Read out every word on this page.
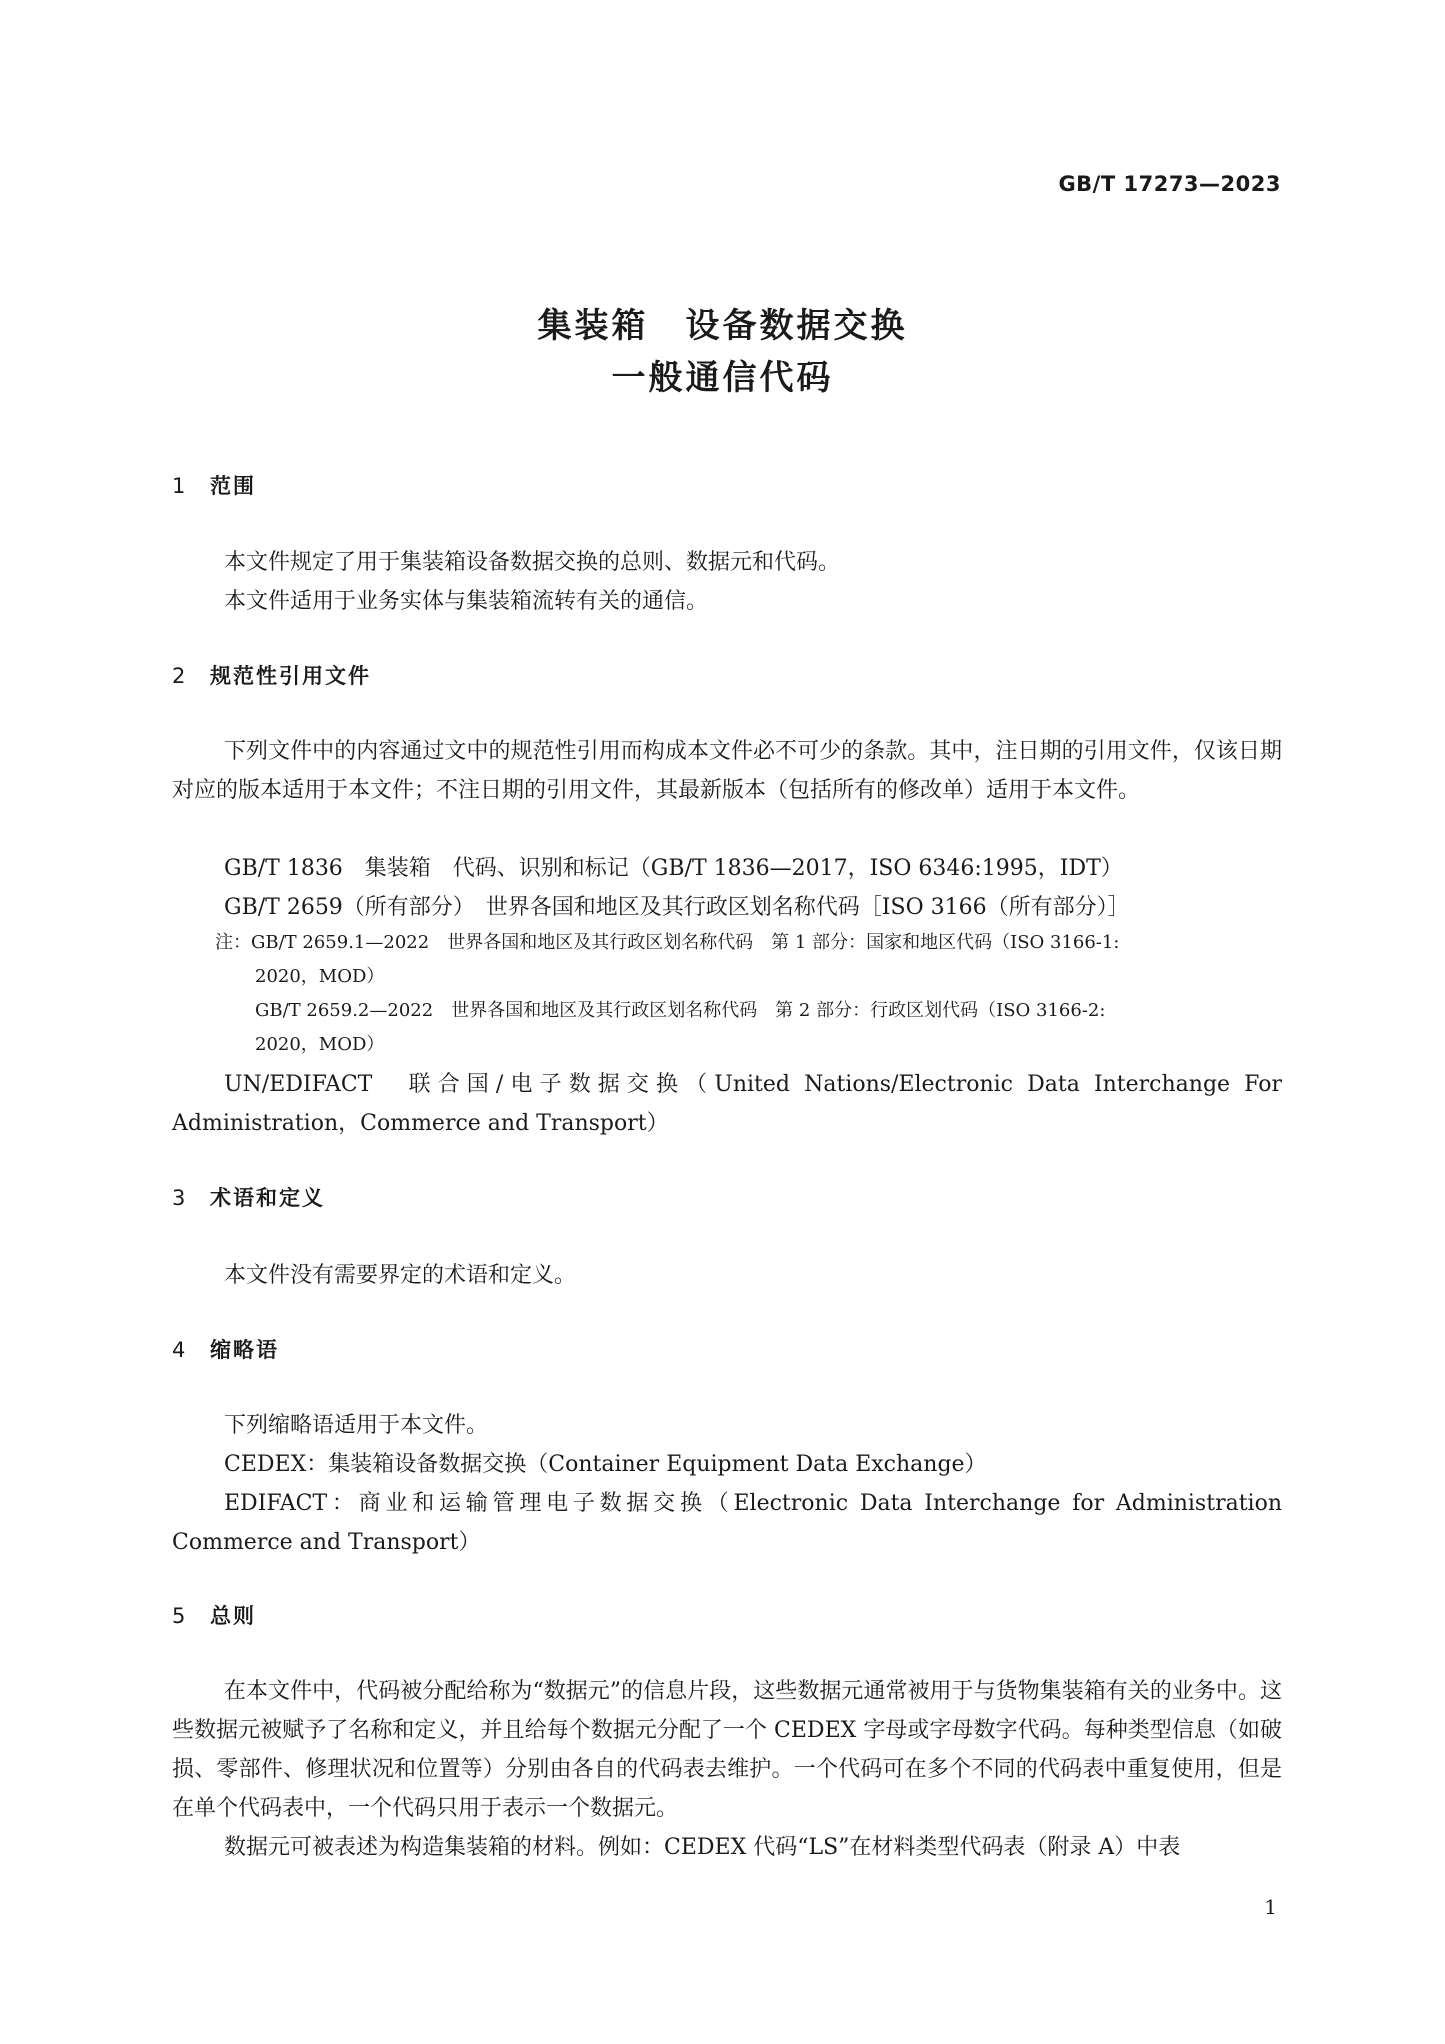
GB/T 17273—2023
集装箱　设备数据交换
一般通信代码
1 范围
本文件规定了用于集装箱设备数据交换的总则、数据元和代码。
本文件适用于业务实体与集装箱流转有关的通信。
2 规范性引用文件
下列文件中的内容通过文中的规范性引用而构成本文件必不可少的条款。其中，注日期的引用文件，仅该日期对应的版本适用于本文件；不注日期的引用文件，其最新版本（包括所有的修改单）适用于本文件。
GB/T 1836　集装箱　代码、识别和标记（GB/T 1836—2017，ISO 6346:1995，IDT）
GB/T 2659（所有部分）　世界各国和地区及其行政区划名称代码［ISO 3166（所有部分）］
注：GB/T 2659.1—2022　世界各国和地区及其行政区划名称代码　第 1 部分：国家和地区代码（ISO 3166-1:
2020，MOD）
GB/T 2659.2—2022　世界各国和地区及其行政区划名称代码　第 2 部分：行政区划代码（ISO 3166-2:
2020，MOD）
UN/EDIFACT　联合国/电子数据交换（United Nations/Electronic Data Interchange For Administration，Commerce and Transport）
3 术语和定义
本文件没有需要界定的术语和定义。
4 缩略语
下列缩略语适用于本文件。
CEDEX：集装箱设备数据交换（Container Equipment Data Exchange）
EDIFACT：商业和运输管理电子数据交换（Electronic Data Interchange for Administration Commerce and Transport）
5 总则
在本文件中，代码被分配给称为“数据元”的信息片段，这些数据元通常被用于与货物集装箱有关的业务中。这些数据元被赋予了名称和定义，并且给每个数据元分配了一个 CEDEX 字母或字母数字代码。每种类型信息（如破损、零部件、修理状况和位置等）分别由各自的代码表去维护。一个代码可在多个不同的代码表中重复使用，但是在单个代码表中，一个代码只用于表示一个数据元。
数据元可被表述为构造集装箱的材料。例如：CEDEX 代码“LS”在材料类型代码表（附录 A）中表
1
